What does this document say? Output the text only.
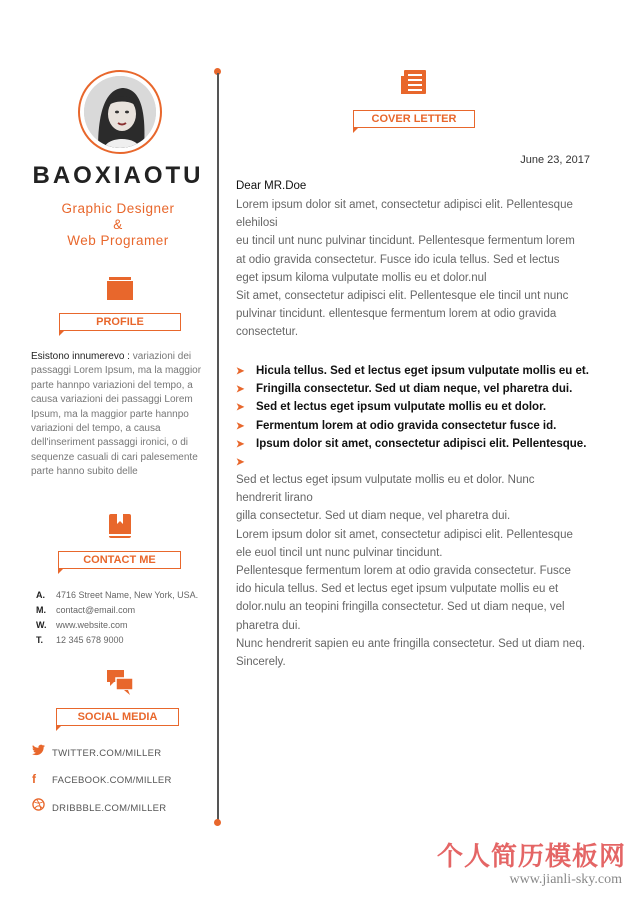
BAOXIAOTU
Graphic Designer
&
Web Programer
PROFILE
Esistono innumerevo : variazioni dei passaggi Lorem Ipsum, ma la maggior parte hannpo variazioni del tempo, a causa variazioni dei passaggi Lorem Ipsum, ma la maggior parte hannpo variazioni del tempo, a causa dell'inseriment passaggi ironici, o di sequenze casuali di cari palesemente parte hanno subito delle
CONTACT ME
A. 4716 Street Name, New York, USA.
M. contact@email.com
W. www.website.com
T. 12 345 678 9000
SOCIAL MEDIA
TWITTER.COM/MILLER
f FACEBOOK.COM/MILLER
DRIBBBLE.COM/MILLER
COVER LETTER
June 23, 2017
Dear MR.Doe
Lorem ipsum dolor sit amet, consectetur adipisci elit. Pellentesque
elehilosi
eu tincil unt nunc pulvinar tincidunt. Pellentesque fermentum lorem
at odio gravida consectetur. Fusce ido icula tellus. Sed et lectus
eget ipsum kiloma vulputate mollis eu et dolor.nul
Sit amet, consectetur adipisci elit. Pellentesque ele tincil unt nunc
pulvinar tincidunt. ellentesque fermentum lorem at odio gravida
consectetur.
➤ Hicula tellus. Sed et lectus eget ipsum vulputate mollis eu et.
➤ Fringilla consectetur. Sed ut diam neque, vel pharetra dui.
➤ Sed et lectus eget ipsum vulputate mollis eu et dolor.
➤ Fermentum lorem at odio gravida consectetur fusce id.
➤ Ipsum dolor sit amet, consectetur adipisci elit. Pellentesque.
➤
Sed et lectus eget ipsum vulputate mollis eu et dolor. Nunc
hendrerit lirano
gilla consectetur. Sed ut diam neque, vel pharetra dui.
Lorem ipsum dolor sit amet, consectetur adipisci elit. Pellentesque
ele euol tincil unt nunc pulvinar tincidunt.
Pellentesque fermentum lorem at odio gravida consectetur. Fusce
ido hicula tellus. Sed et lectus eget ipsum vulputate mollis eu et
dolor.nulu an teopini fringilla consectetur. Sed ut diam neque, vel
pharetra dui.
Nunc hendrerit sapien eu ante fringilla consectetur. Sed ut diam neq.
Sincerely.
个人简历模板网
www.jianli-sky.com
